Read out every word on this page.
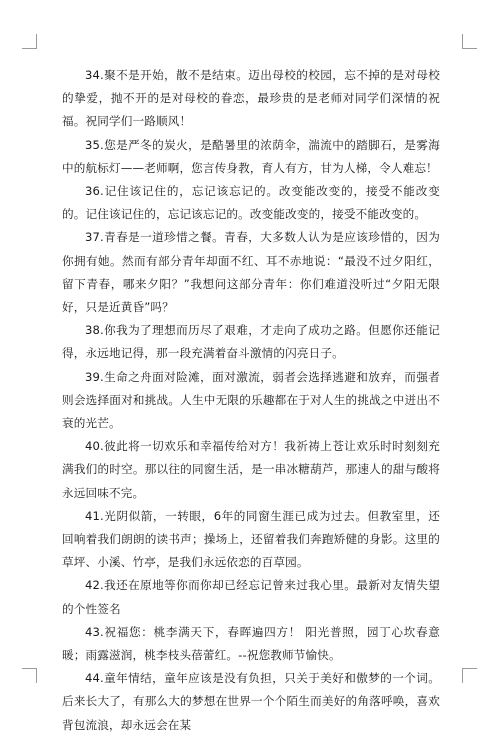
34.聚不是开始，散不是结束。迈出母校的校园，忘不掉的是对母校的挚爱，抛不开的是对母校的眷恋，最珍贵的是老师对同学们深情的祝福。祝同学们一路顺风！

35.您是严冬的炭火，是酷暑里的浓荫伞，湍流中的踏脚石，是雾海中的航标灯——老师啊，您言传身教，育人有方，甘为人梯，令人难忘！

36.记住该记住的，忘记该忘记的。改变能改变的，接受不能改变的。记住该记住的，忘记该忘记的。改变能改变的，接受不能改变的。

37.青春是一道珍惜之餐。青春，大多数人认为是应该珍惜的，因为你拥有她。然而有部分青年却面不红、耳不赤地说：“最没不过夕阳红，留下青春，哪来夕阳？”我想问这部分青年：你们难道没听过“夕阳无限好，只是近黄昏”吗？

38.你我为了理想而历尽了艰难，才走向了成功之路。但愿你还能记得，永远地记得，那一段充满着奋斗激情的闪亮日子。

39.生命之舟面对险滩，面对激流，弱者会选择逃避和放弃，而强者则会选择面对和挑战。人生中无限的乐趣都在于对人生的挑战之中迸出不衰的光芒。

40.彼此将一切欢乐和幸福传给对方！我祈祷上苍让欢乐时时刻刻充满我们的时空。那以往的同窗生活，是一串冰糖葫芦，那速人的甜与酸将永远回味不完。

41.光阴似箭，一转眼，6年的同窗生涯已成为过去。但教室里，还回响着我们朗朗的读书声；操场上，还留着我们奔跑矫健的身影。这里的草坪、小溪、竹亭，是我们永远依恋的百草园。

42.我还在原地等你而你却已经忘记曾来过我心里。最新对友情失望的个性签名

43.祝福您：桃李满天下，春晖遍四方！ 阳光普照，园丁心坎春意暖；雨露滋润，桃李枝头蓓蕾红。--祝您教师节愉快。

44.童年情结，童年应该是没有负担，只关于美好和傲梦的一个词。后来长大了，有那么大的梦想在世界一个个陌生而美好的角落呼唤，喜欢背包流浪，却永远会在某
